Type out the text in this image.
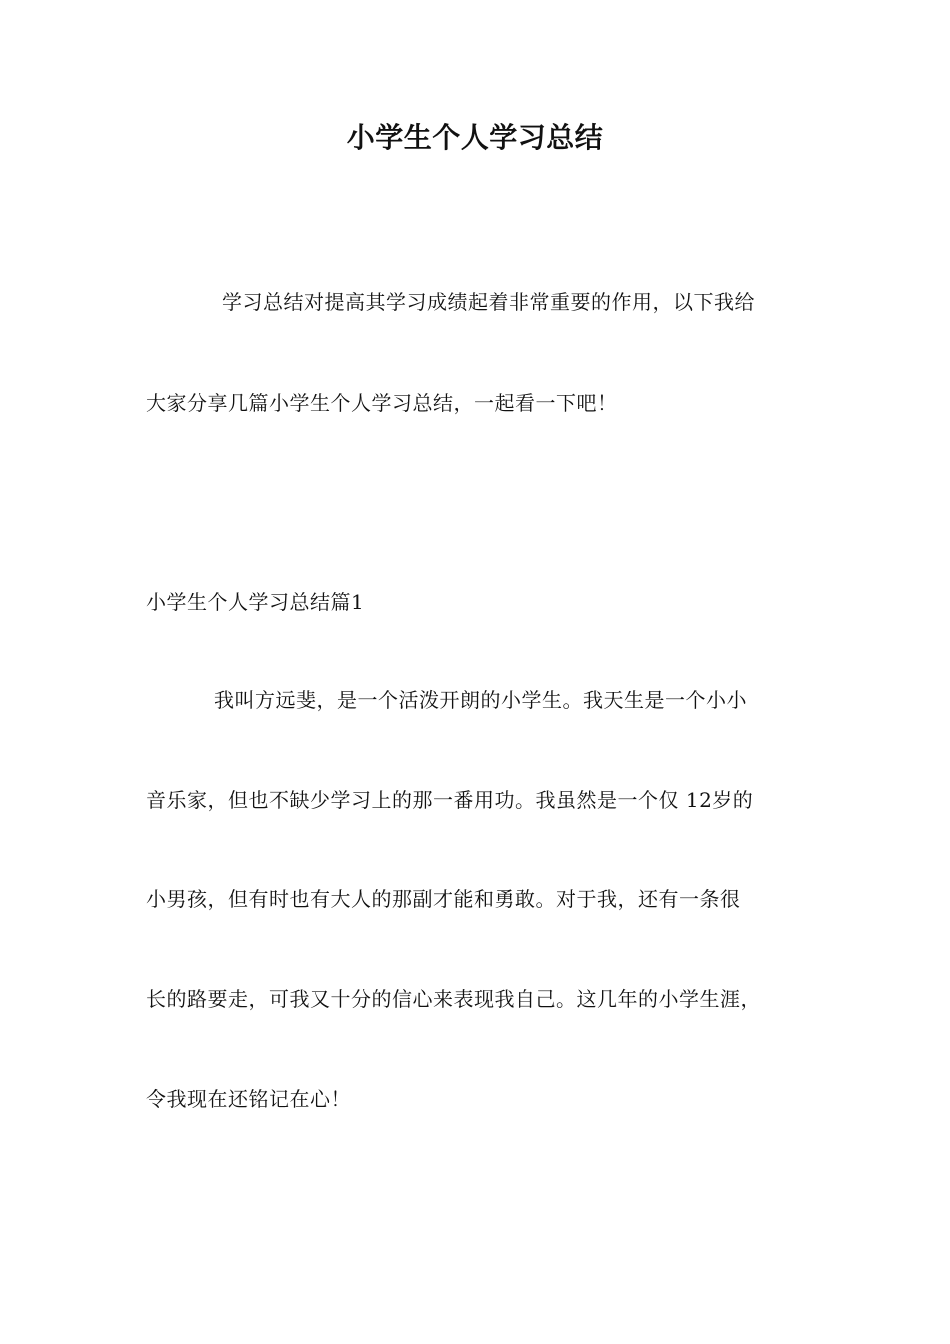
小学生个人学习总结
学习总结对提高其学习成绩起着非常重要的作用，以下我给
大家分享几篇小学生个人学习总结，一起看一下吧！
小学生个人学习总结篇1
我叫方远斐，是一个活泼开朗的小学生。我天生是一个小小
音乐家，但也不缺少学习上的那一番用功。我虽然是一个仅 12岁的
小男孩，但有时也有大人的那副才能和勇敢。对于我，还有一条很
长的路要走，可我又十分的信心来表现我自己。这几年的小学生涯，
令我现在还铭记在心！
